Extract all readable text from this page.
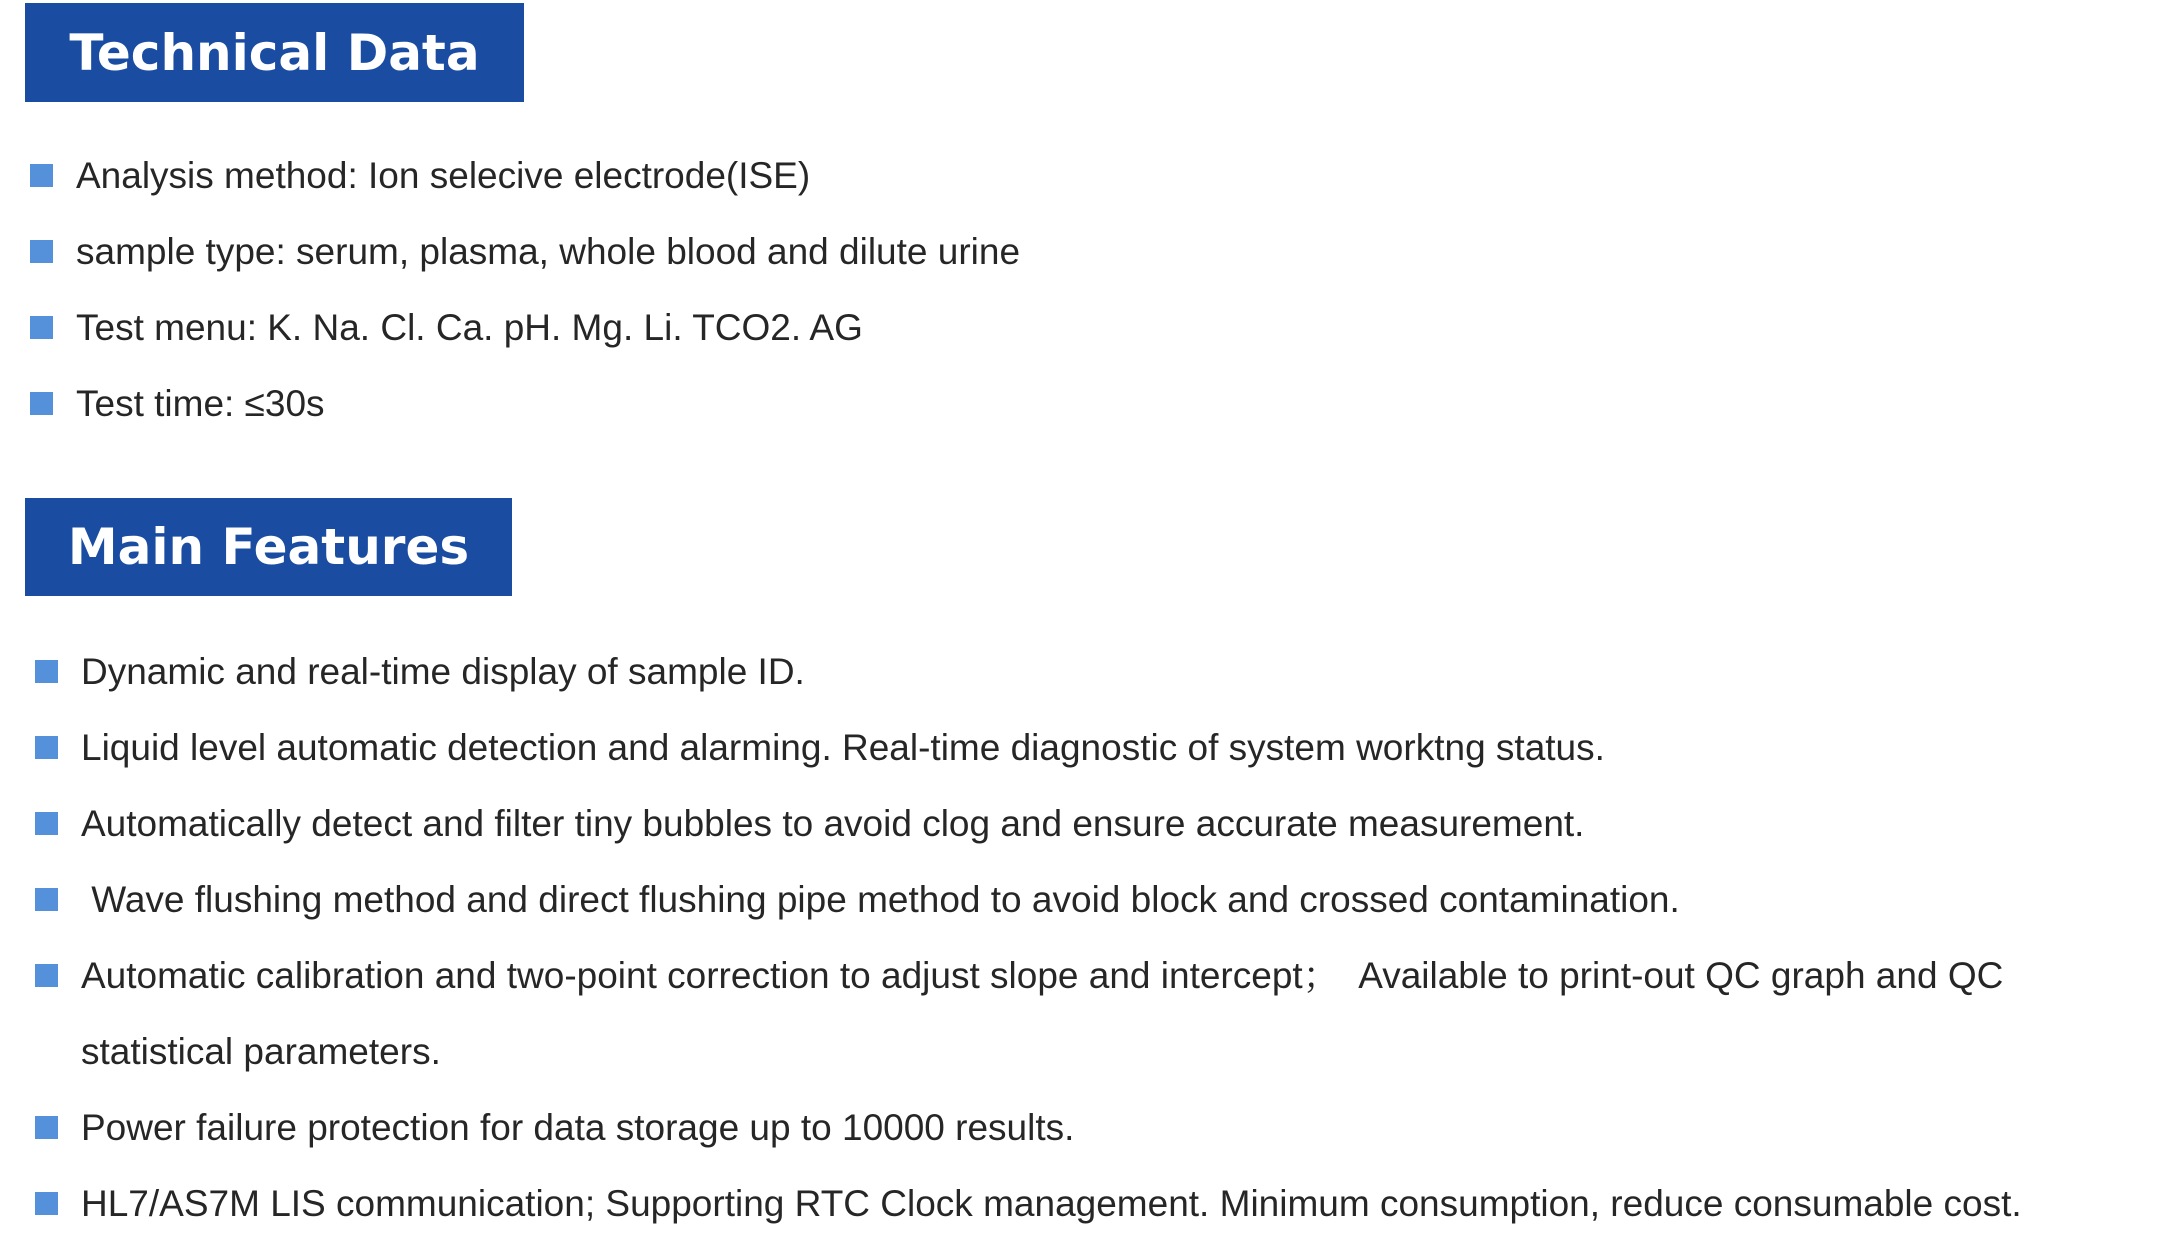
Technical Data
Analysis method: Ion selecive electrode(ISE)
sample type: serum, plasma, whole blood and dilute urine
Test menu: K. Na. Cl. Ca. pH. Mg. Li. TCO2. AG
Test time: ≤30s
Main Features
Dynamic and real-time display of sample ID.
Liquid level automatic detection and alarming. Real-time diagnostic of system worktng status.
Automatically detect and filter tiny bubbles to avoid clog and ensure accurate measurement.
Wave flushing method and direct flushing pipe method to avoid block and crossed contamination.
Automatic calibration and two-point correction to adjust slope and intercept；  Available to print-out QC graph and QC
statistical parameters.
Power failure protection for data storage up to 10000 results.
HL7/AS7M LIS communication; Supporting RTC Clock management. Minimum consumption, reduce consumable cost.
